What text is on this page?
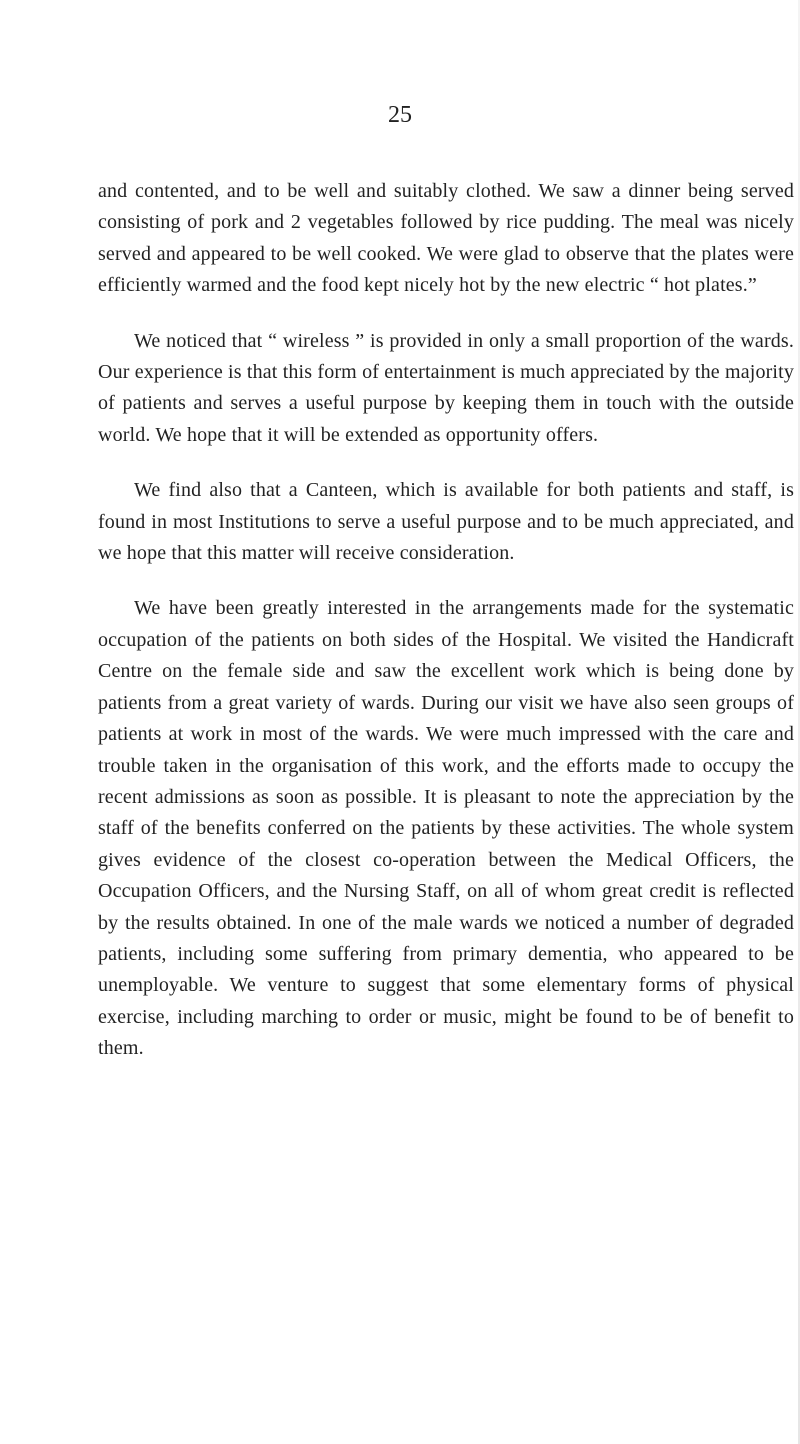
25

and contented, and to be well and suitably clothed. We saw a dinner being served consisting of pork and 2 vegetables followed by rice pudding. The meal was nicely served and appeared to be well cooked. We were glad to observe that the plates were efficiently warmed and the food kept nicely hot by the new electric “ hot plates.”

We noticed that “ wireless ” is provided in only a small proportion of the wards. Our experience is that this form of entertainment is much appreciated by the majority of patients and serves a useful purpose by keeping them in touch with the outside world. We hope that it will be extended as opportunity offers.

We find also that a Canteen, which is available for both patients and staff, is found in most Institutions to serve a useful purpose and to be much appreciated, and we hope that this matter will receive consideration.

We have been greatly interested in the arrangements made for the systematic occupation of the patients on both sides of the Hospital. We visited the Handicraft Centre on the female side and saw the excellent work which is being done by patients from a great variety of wards. During our visit we have also seen groups of patients at work in most of the wards. We were much impressed with the care and trouble taken in the organisation of this work, and the efforts made to occupy the recent admissions as soon as possible. It is pleasant to note the appreciation by the staff of the benefits conferred on the patients by these activities. The whole system gives evidence of the closest co-operation between the Medical Officers, the Occupation Officers, and the Nursing Staff, on all of whom great credit is reflected by the results obtained. In one of the male wards we noticed a number of degraded patients, including some suffering from primary dementia, who appeared to be unemployable. We venture to suggest that some elementary forms of physical exercise, including marching to order or music, might be found to be of benefit to them.
